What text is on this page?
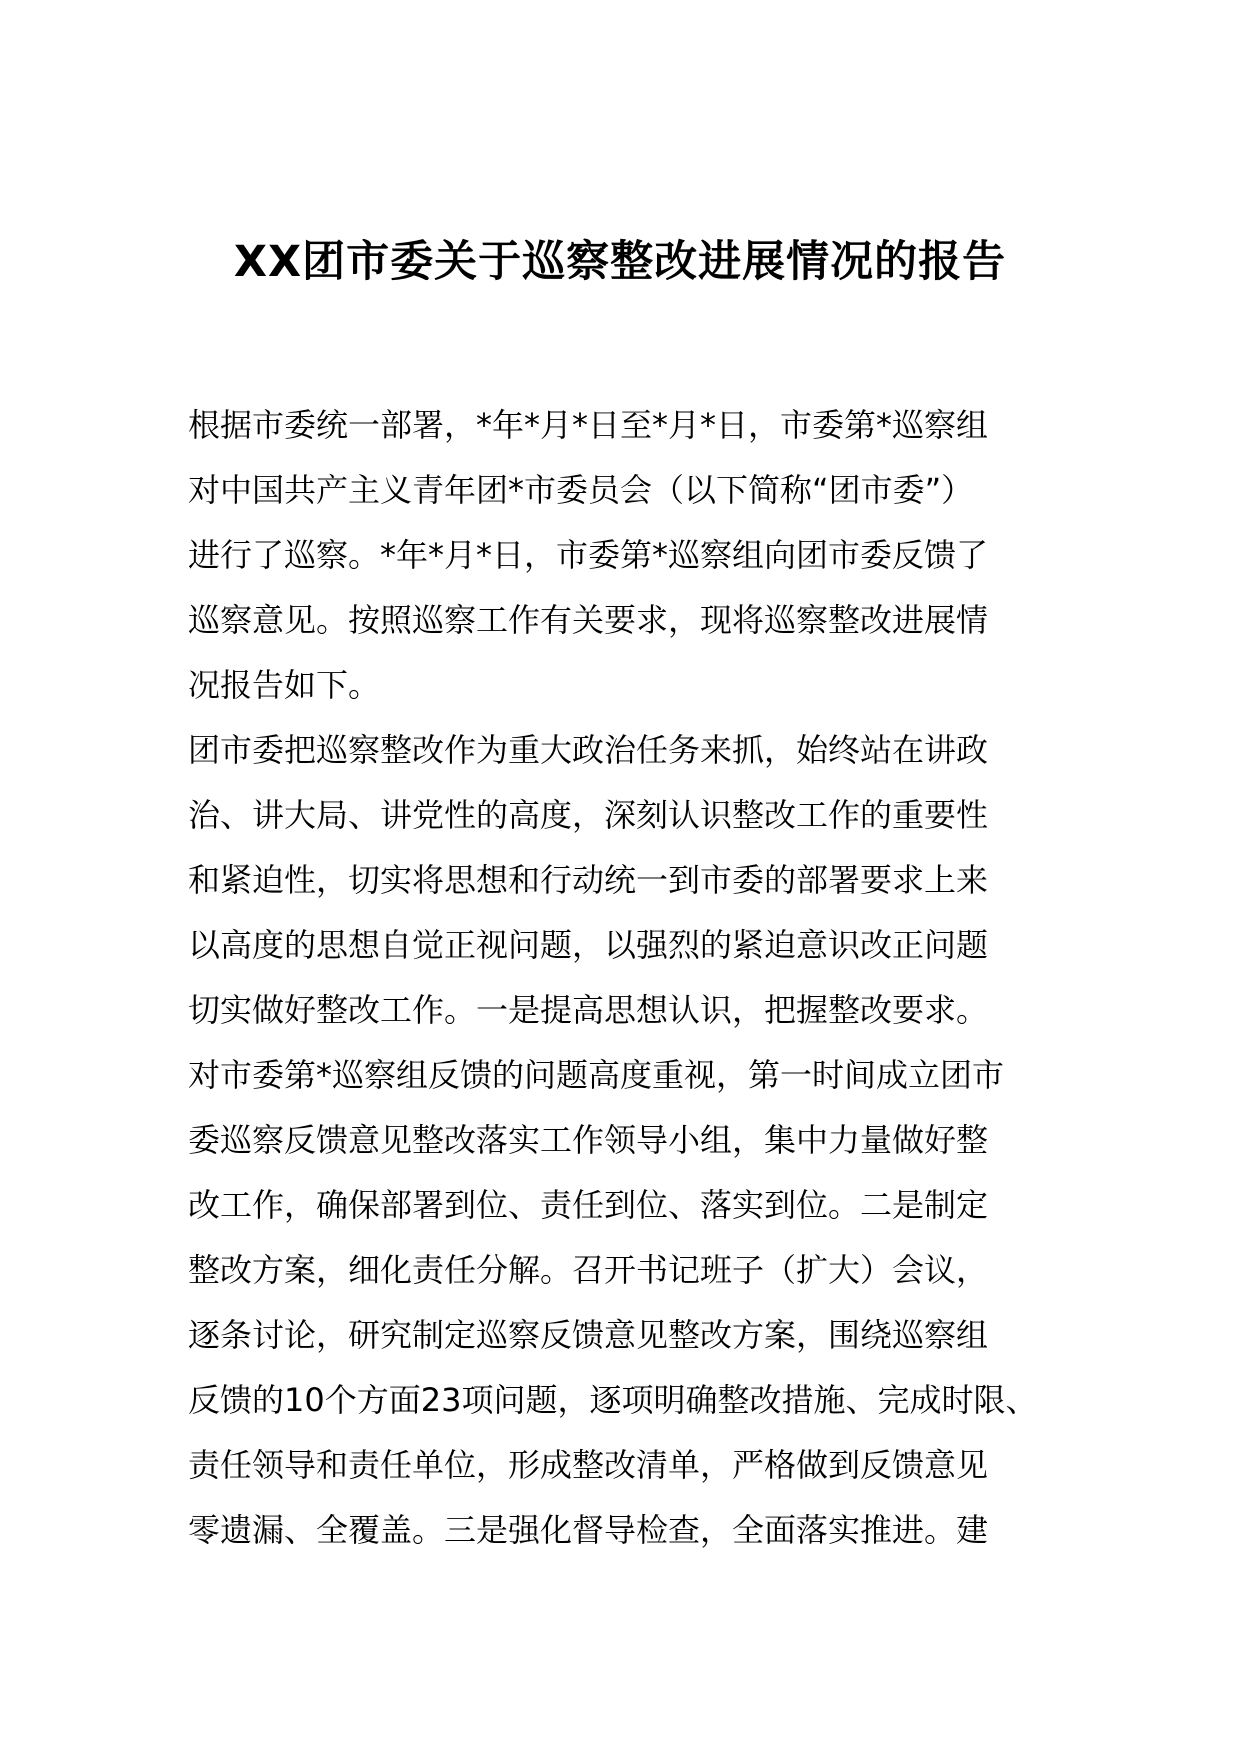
XX团市委关于巡察整改进展情况的报告
根据市委统一部署，*年*月*日至*月*日，市委第*巡察组
对中国共产主义青年团*市委员会（以下简称“团市委”）
进行了巡察。*年*月*日，市委第*巡察组向团市委反馈了
巡察意见。按照巡察工作有关要求，现将巡察整改进展情
况报告如下。
团市委把巡察整改作为重大政治任务来抓，始终站在讲政
治、讲大局、讲党性的高度，深刻认识整改工作的重要性
和紧迫性，切实将思想和行动统一到市委的部署要求上来
以高度的思想自觉正视问题，以强烈的紧迫意识改正问题
切实做好整改工作。一是提高思想认识，把握整改要求。
对市委第*巡察组反馈的问题高度重视，第一时间成立团市
委巡察反馈意见整改落实工作领导小组，集中力量做好整
改工作，确保部署到位、责任到位、落实到位。二是制定
整改方案，细化责任分解。召开书记班子（扩大）会议，
逐条讨论，研究制定巡察反馈意见整改方案，围绕巡察组
反馈的10个方面23项问题，逐项明确整改措施、完成时限、
责任领导和责任单位，形成整改清单，严格做到反馈意见
零遗漏、全覆盖。三是强化督导检查，全面落实推进。建
